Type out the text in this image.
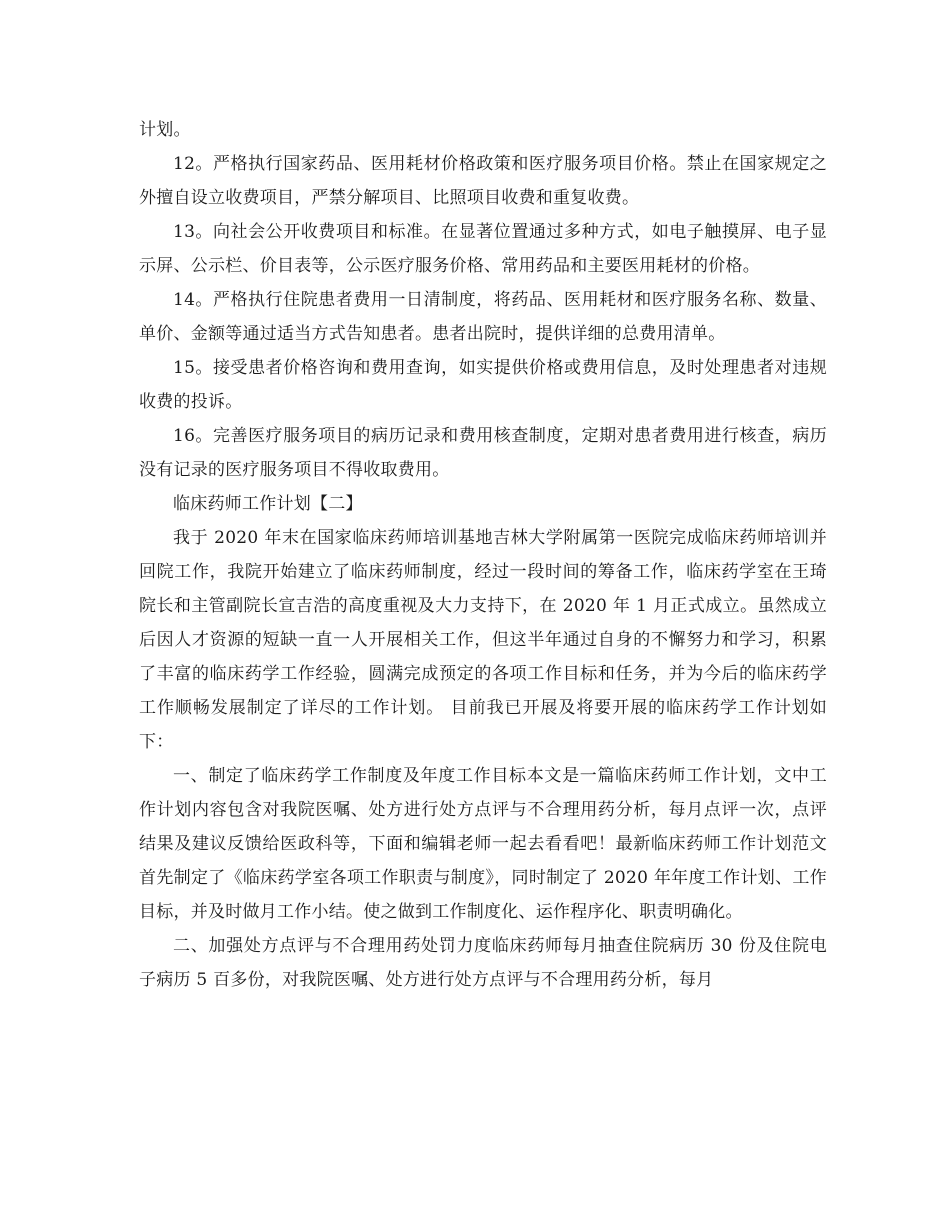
计划。

12。严格执行国家药品、医用耗材价格政策和医疗服务项目价格。禁止在国家规定之外擅自设立收费项目，严禁分解项目、比照项目收费和重复收费。

13。向社会公开收费项目和标准。在显著位置通过多种方式，如电子触摸屏、电子显示屏、公示栏、价目表等，公示医疗服务价格、常用药品和主要医用耗材的价格。

14。严格执行住院患者费用一日清制度，将药品、医用耗材和医疗服务名称、数量、单价、金额等通过适当方式告知患者。患者出院时，提供详细的总费用清单。

15。接受患者价格咨询和费用查询，如实提供价格或费用信息，及时处理患者对违规收费的投诉。

16。完善医疗服务项目的病历记录和费用核查制度，定期对患者费用进行核查，病历没有记录的医疗服务项目不得收取费用。

临床药师工作计划【二】

我于 2020 年末在国家临床药师培训基地吉林大学附属第一医院完成临床药师培训并回院工作，我院开始建立了临床药师制度，经过一段时间的筹备工作，临床药学室在王琦院长和主管副院长宣吉浩的高度重视及大力支持下，在 2020 年 1 月正式成立。虽然成立后因人才资源的短缺一直一人开展相关工作，但这半年通过自身的不懈努力和学习，积累了丰富的临床药学工作经验，圆满完成预定的各项工作目标和任务，并为今后的临床药学工作顺畅发展制定了详尽的工作计划。 目前我已开展及将要开展的临床药学工作计划如下：

一、制定了临床药学工作制度及年度工作目标本文是一篇临床药师工作计划，文中工作计划内容包含对我院医嘱、处方进行处方点评与不合理用药分析，每月点评一次，点评结果及建议反馈给医政科等，下面和编辑老师一起去看看吧！最新临床药师工作计划范文首先制定了《临床药学室各项工作职责与制度》，同时制定了 2020 年年度工作计划、工作目标，并及时做月工作小结。使之做到工作制度化、运作程序化、职责明确化。

二、加强处方点评与不合理用药处罚力度临床药师每月抽查住院病历 30 份及住院电子病历 5 百多份，对我院医嘱、处方进行处方点评与不合理用药分析，每月
